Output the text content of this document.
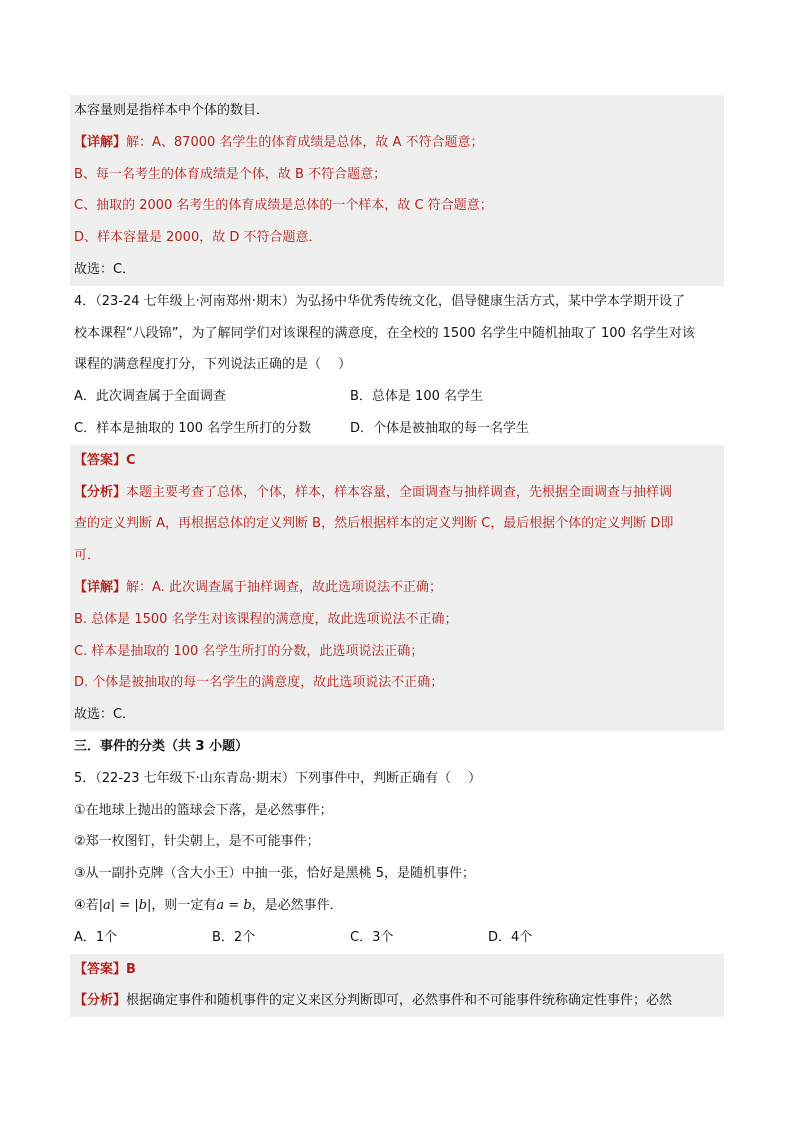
本容量则是指样本中个体的数目．
【详解】解：A、87000 名学生的体育成绩是总体，故 A 不符合题意；
B、每一名考生的体育成绩是个体，故 B 不符合题意；
C、抽取的 2000 名考生的体育成绩是总体的一个样本，故 C 符合题意；
D、样本容量是 2000，故 D 不符合题意．
故选：C．
4．（23-24 七年级上·河南郑州·期末）为弘扬中华优秀传统文化，倡导健康生活方式，某中学本学期开设了
校本课程“八段锦”，为了解同学们对该课程的满意度，在全校的 1500 名学生中随机抽取了 100 名学生对该
课程的满意程度打分，下列说法正确的是（　 ）
A．此次调查属于全面调查	B．总体是 100 名学生
C．样本是抽取的 100 名学生所打的分数	D．个体是被抽取的每一名学生
【答案】C
【分析】本题主要考查了总体，个体，样本，样本容量，全面调查与抽样调查，先根据全面调查与抽样调
查的定义判断 A，再根据总体的定义判断 B，然后根据样本的定义判断 C，最后根据个体的定义判断 D即
可．
【详解】解：A. 此次调查属于抽样调查，故此选项说法不正确；
B. 总体是 1500 名学生对该课程的满意度，故此选项说法不正确；
C. 样本是抽取的 100 名学生所打的分数，此选项说法正确；
D. 个体是被抽取的每一名学生的满意度，故此选项说法不正确；
故选：C．
三．事件的分类（共 3 小题）
5．（22-23 七年级下·山东青岛·期末）下列事件中，判断正确有（　 ）
①在地球上抛出的篮球会下落，是必然事件；
②郑一枚图钉，针尖朝上，是不可能事件；
③从一副扑克牌（含大小王）中抽一张，恰好是黑桃 5，是随机事件；
④若|a| = |b|，则一定有a = b，是必然事件．
A．1个	B．2个	C．3个	D．4个
【答案】B
【分析】根据确定事件和随机事件的定义来区分判断即可，必然事件和不可能事件统称确定性事件；必然
